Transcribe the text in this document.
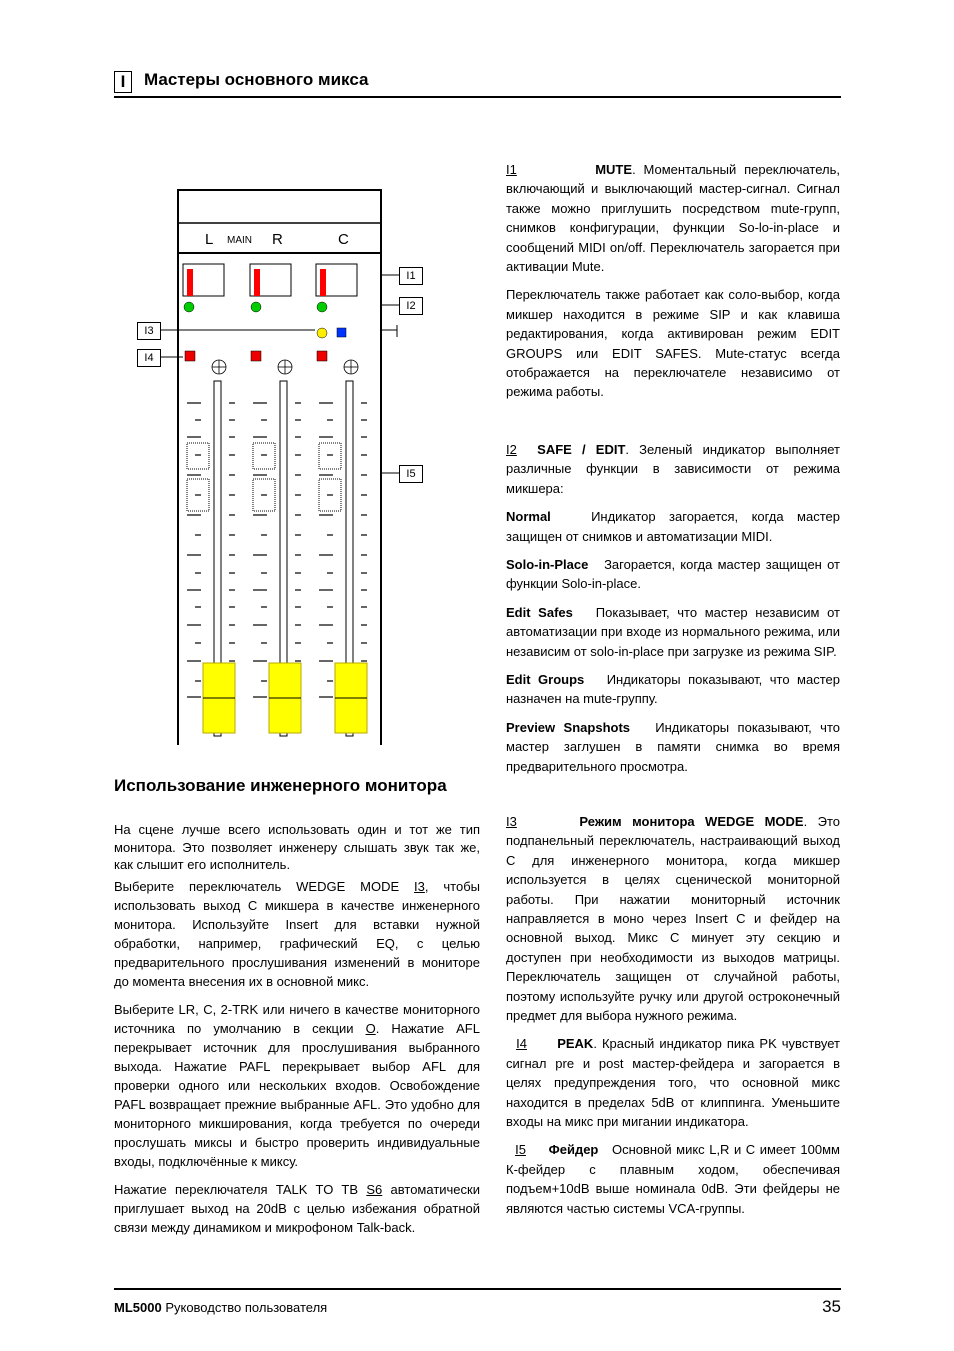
I	Мастеры основного микса
L MAIN R	C
I1
I2
I3
I4
I5

I1	MUTE. Моментальный переключатель, включающий и выключающий мастер-сигнал. Сигнал также можно приглушить посредством mute-групп, снимков конфигурации, функции So-lo-in-place и сообщений MIDI on/off. Переключатель загорается при активации Mute.

Переключатель также работает как соло-выбор, когда микшер находится в режиме SIP и как клавиша редактирования, когда активирован режим EDIT GROUPS или EDIT SAFES. Mute-статус всегда отображается на переключателе независимо от режима работы.

I2 SAFE / EDIT. Зеленый индикатор выполняет различные функции в зависимости от режима микшера:

Normal	Индикатор загорается, когда мастер защищен от снимков и автоматизации MIDI.

Solo-in-Place Загорается, когда мастер защищен от функции Solo-in-place.

Edit Safes Показывает, что мастер независим от автоматизации при входе из нормального режима, или независим от solo-in-place при загрузке из режима SIP.

Edit Groups Индикаторы показывают, что мастер назначен на mute-группу.

Preview Snapshots Индикаторы показывают, что мастер заглушен в памяти снимка во время предварительного просмотра.

I3	Режим монитора WEDGE MODE. Это подпанельный переключатель, настраивающий выход С для инженерного монитора, когда микшер используется в целях сценической мониторной работы. При нажатии мониторный источник направляется в моно через Insert C и фейдер на основной выход. Микс С минует эту секцию и доступен при необходимости из выходов матрицы. Переключатель защищен от случайной работы, поэтому используйте ручку или другой остроконечный предмет для выбора нужного режима.

I4 PEAK. Красный индикатор пика PK чувствует сигнал pre и post мастер-фейдера и загорается в целях предупреждения того, что основной микс находится в пределах 5dB от клиппинга. Уменьшите входы на микс при мигании индикатора.

I5 Фейдер Основной микс L,R и C имеет 100мм К-фейдер с плавным ходом, обеспечивая подъем+10dB выше номинала 0dB. Эти фейдеры не являются частью системы VCA-группы.

Использование инженерного монитора

На сцене лучше всего использовать один и тот же тип монитора. Это позволяет инженеру слышать звук так же, как слышит его исполнитель.

Выберите переключатель WEDGE MODE I3, чтобы использовать выход С микшера в качестве инженерного монитора. Используйте Insert для вставки нужной обработки, например, графический EQ, с целью предварительного прослушивания изменений в мониторе до момента внесения их в основной микс.

Выберите LR, C, 2-TRK или ничего в качестве мониторного источника по умолчанию в секции O. Нажатие AFL перекрывает источник для прослушивания выбранного выхода. Нажатие PAFL перекрывает выбор AFL для проверки одного или нескольких входов. Освобождение PAFL возвращает прежние выбранные AFL. Это удобно для мониторного микширования, когда требуется по очереди прослушать миксы и быстро проверить индивидуальные входы, подключённые к миксу.

Нажатие переключателя TALK TO TB S6 автоматически приглушает выход на 20dB с целью избежания обратной связи между динамиком и микрофоном Talk-back.

ML5000 Руководство пользователя	35
